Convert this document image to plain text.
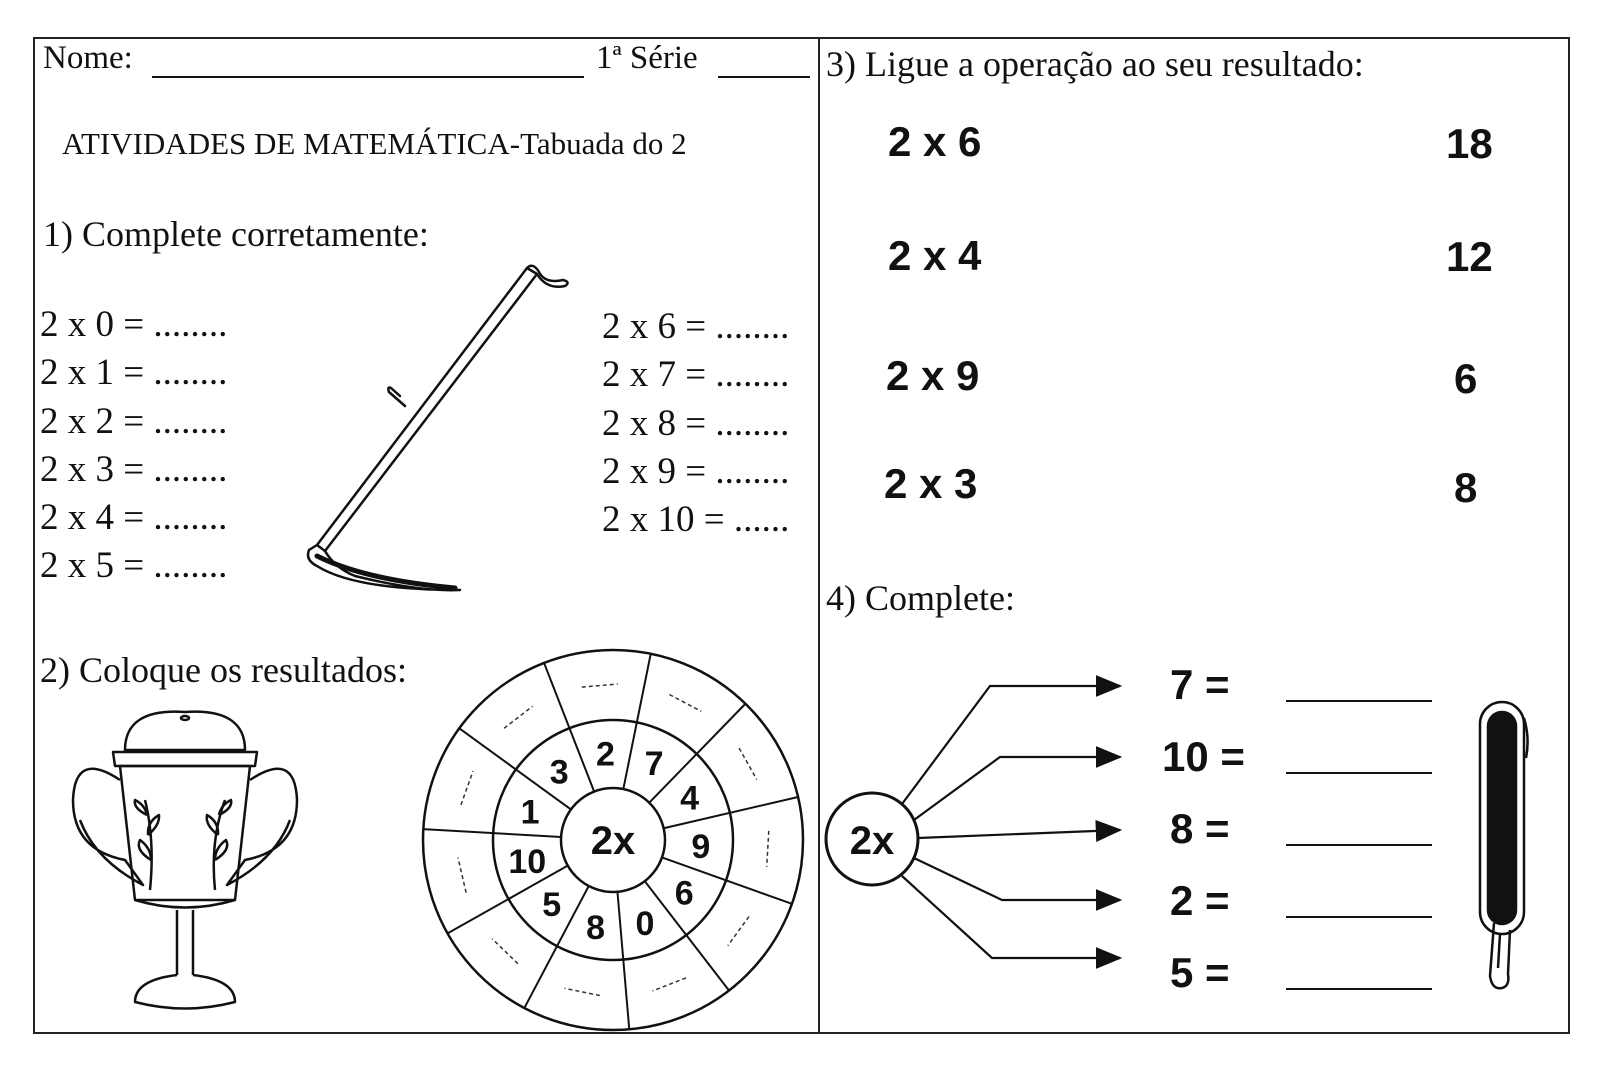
Nome:	1ª Série
ATIVIDADES DE MATEMÁTICA-Tabuada do 2
1) Complete corretamente:
2 x 0 = ........
2 x 1 = ........
2 x 2 = ........
2 x 3 = ........
2 x 4 = ........
2 x 5 = ........
2 x 6 = ........
2 x 7 = ........
2 x 8 = ........
2 x 9 = ........
2 x 10 = ......
2) Coloque os resultados:
2 7
4
9
6
0
8
5
10
1
3
2x
3) Ligue a operação ao seu resultado:
2 x 6
2 x 4
2 x 9
2 x 3
18
12
6
8
4) Complete:
2x
7 =
10 =
8 =
2 =
5 =
